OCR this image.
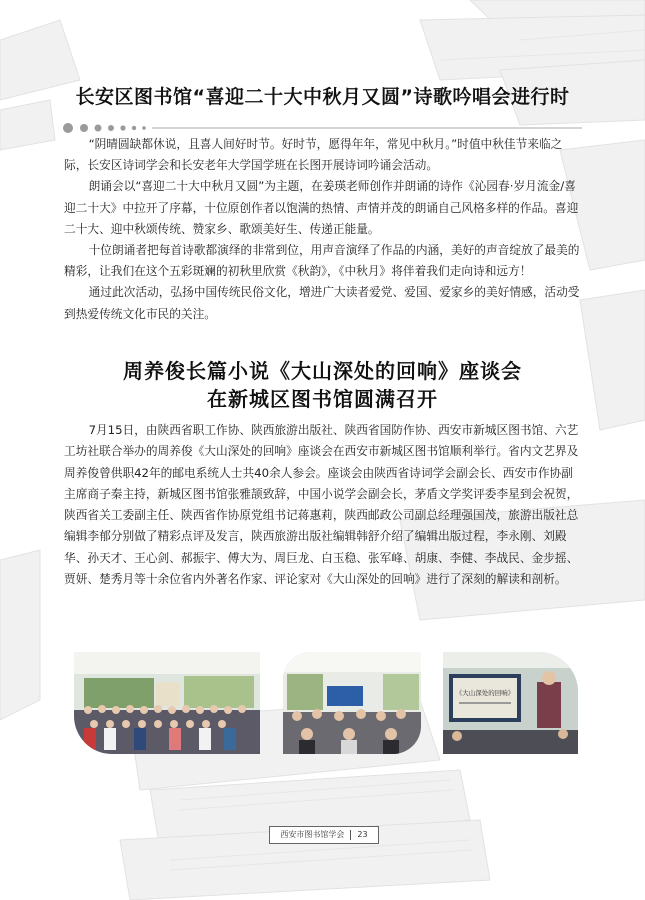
长安区图书馆“喜迎二十大中秋月又圆”诗歌吟唱会进行时

“阴晴圆缺都休说，且喜人间好时节。好时节，愿得年年，常见中秋月。”时值中秋佳节来临之际，长安区诗词学会和长安老年大学国学班在长图开展诗词吟诵会活动。

朗诵会以“喜迎二十大中秋月又圆”为主题，在姜瑛老师创作并朗诵的诗作《沁园春·岁月流金/喜迎二十大》中拉开了序幕，十位原创作者以饱满的热情、声情并茂的朗诵自己风格多样的作品。喜迎二十大、迎中秋颂传统、赞家乡、歌颂美好生、传递正能量。

十位朗诵者把每首诗歌都演绎的非常到位，用声音演绎了作品的内涵，美好的声音绽放了最美的精彩，让我们在这个五彩斑斓的初秋里欣赏《秋韵》，《中秋月》将伴着我们走向诗和远方！

通过此次活动，弘扬中国传统民俗文化，增进广大读者爱党、爱国、爱家乡的美好情感，活动受到热爱传统文化市民的关注。

周养俊长篇小说《大山深处的回响》座谈会
在新城区图书馆圆满召开

7月15日，由陕西省职工作协、陕西旅游出版社、陕西省国防作协、西安市新城区图书馆、六艺工坊社联合举办的周养俊《大山深处的回响》座谈会在西安市新城区图书馆顺利举行。省内文艺界及周养俊曾供职42年的邮电系统人士共40余人参会。座谈会由陕西省诗词学会副会长、西安市作协副主席商子秦主持，新城区图书馆张雅颉致辞，中国小说学会副会长，茅盾文学奖评委李星到会祝贺，陕西省关工委副主任、陕西省作协原党组书记蒋惠莉，陕西邮政公司副总经理强国茂，旅游出版社总编辑李郁分别做了精彩点评及发言，陕西旅游出版社编辑韩舒介绍了编辑出版过程，李永刚、刘殿华、孙天才、王心剑、郝振宇、傅大为、周巨龙、白玉稳、张军峰、胡康、李健、李战民、金步摇、贾妍、楚秀月等十余位省内外著名作家、评论家对《大山深处的回响》进行了深刻的解读和剖析。

《大山深处的回响》
西安市图书馆学会 23
